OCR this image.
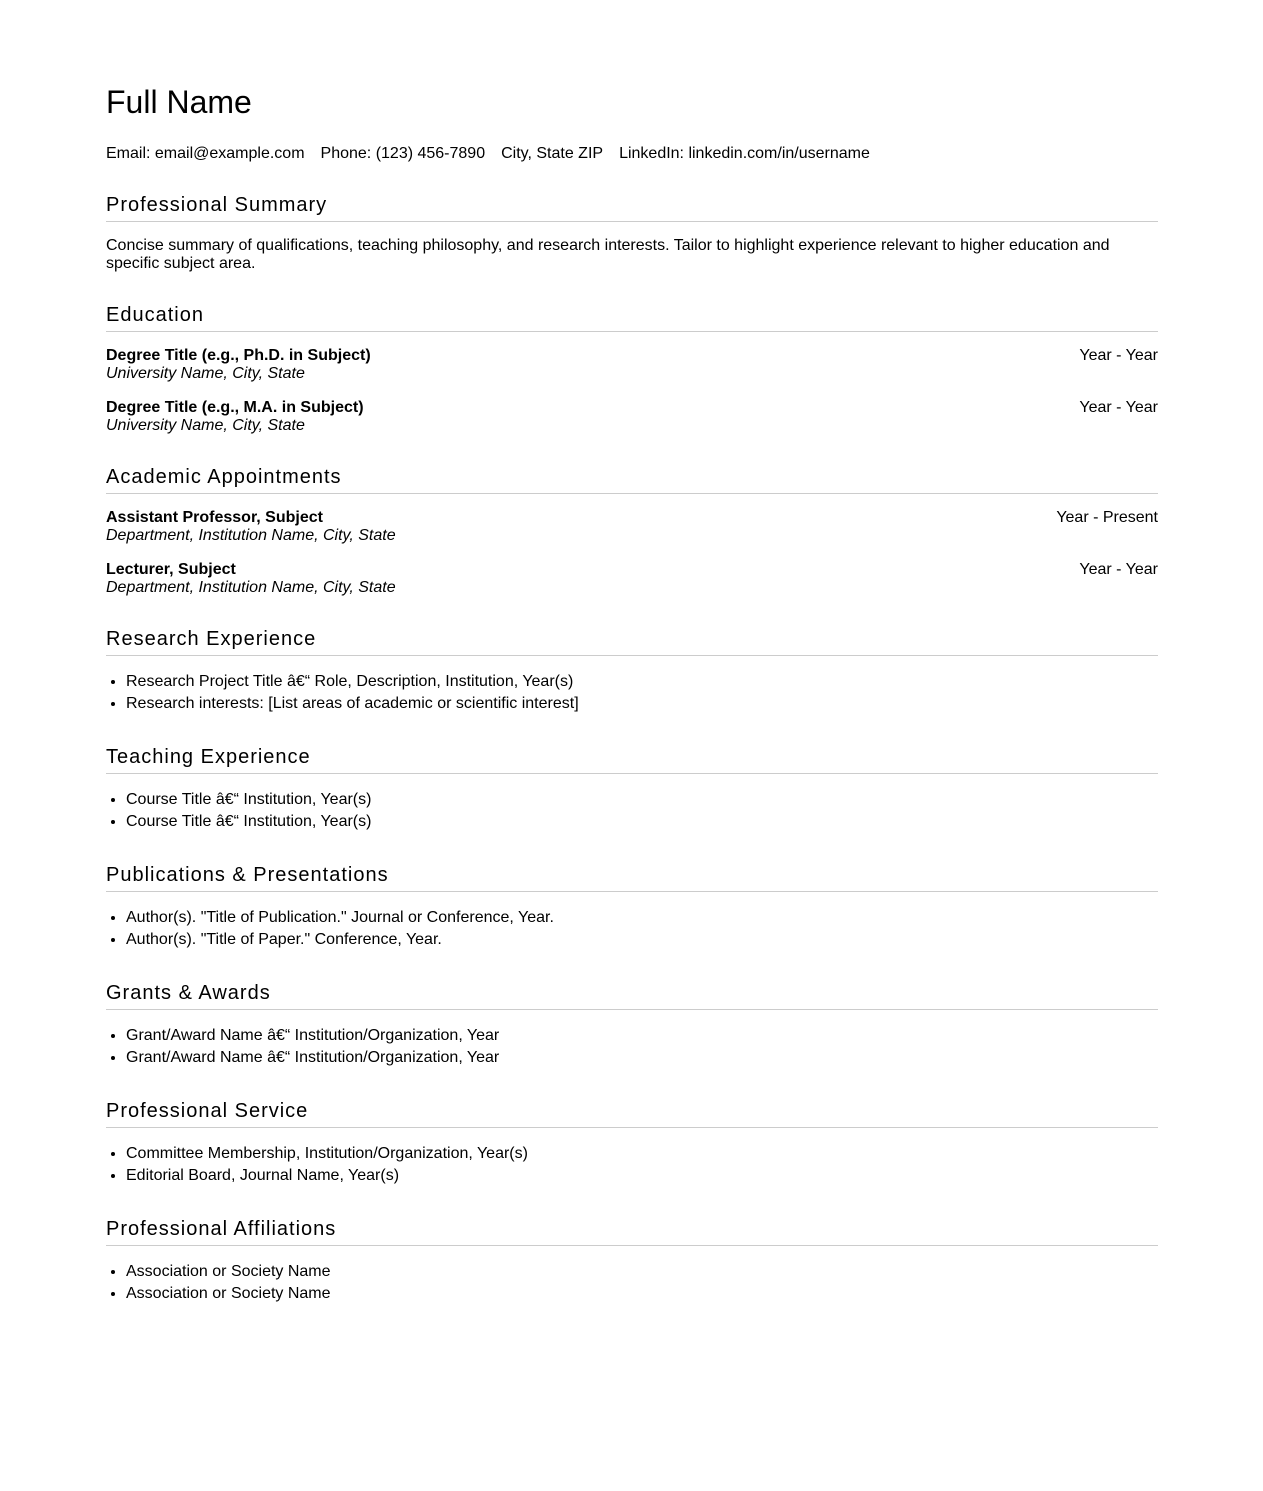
Full Name
Email: email@example.com Phone: (123) 456-7890 City, State ZIP LinkedIn: linkedin.com/in/username
Professional Summary
Concise summary of qualifications, teaching philosophy, and research interests. Tailor to highlight experience relevant to higher education and specific subject area.
Education
Degree Title (e.g., Ph.D. in Subject)
University Name, City, State
Year - Year
Degree Title (e.g., M.A. in Subject)
University Name, City, State
Year - Year
Academic Appointments
Assistant Professor, Subject
Department, Institution Name, City, State
Year - Present
Lecturer, Subject
Department, Institution Name, City, State
Year - Year
Research Experience
• Research Project Title â€“ Role, Description, Institution, Year(s)
• Research interests: [List areas of academic or scientific interest]
Teaching Experience
• Course Title â€“ Institution, Year(s)
• Course Title â€“ Institution, Year(s)
Publications & Presentations
• Author(s). "Title of Publication." Journal or Conference, Year.
• Author(s). "Title of Paper." Conference, Year.
Grants & Awards
• Grant/Award Name â€“ Institution/Organization, Year
• Grant/Award Name â€“ Institution/Organization, Year
Professional Service
• Committee Membership, Institution/Organization, Year(s)
• Editorial Board, Journal Name, Year(s)
Professional Affiliations
• Association or Society Name
• Association or Society Name
